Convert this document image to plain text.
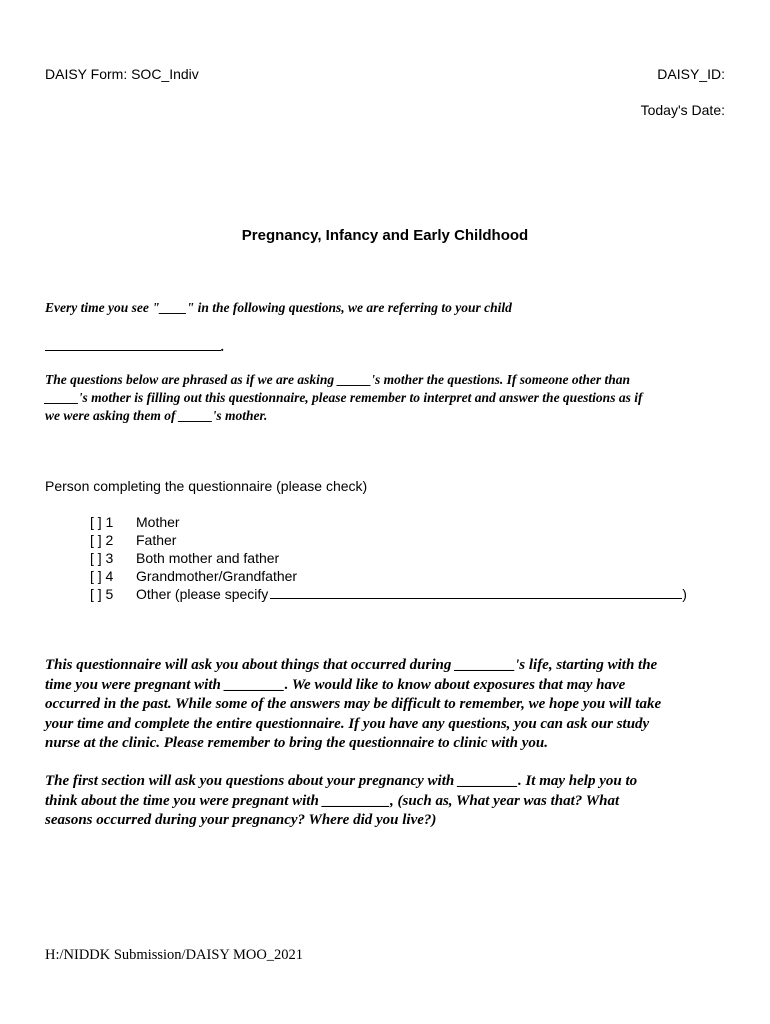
DAISY Form: SOC_Indiv	DAISY_ID:
Today's Date:
Pregnancy, Infancy and Early Childhood
Every time you see "____" in the following questions, we are referring to your child
.
The questions below are phrased as if we are asking _____'s mother the questions. If someone other than
_____'s mother is filling out this questionnaire, please remember to interpret and answer the questions as if
we were asking them of _____'s mother.
Person completing the questionnaire (please check)
[ ] 1	Mother
[ ] 2	Father
[ ] 3	Both mother and father
[ ] 4	Grandmother/Grandfather
[ ] 5	Other (please specify	)
This questionnaire will ask you about things that occurred during ________'s life, starting with the
time you were pregnant with ________. We would like to know about exposures that may have
occurred in the past. While some of the answers may be difficult to remember, we hope you will take
your time and complete the entire questionnaire. If you have any questions, you can ask our study
nurse at the clinic. Please remember to bring the questionnaire to clinic with you.
The first section will ask you questions about your pregnancy with ________. It may help you to
think about the time you were pregnant with _________, (such as, What year was that? What
seasons occurred during your pregnancy? Where did you live?)
H:/NIDDK Submission/DAISY MOO_2021
